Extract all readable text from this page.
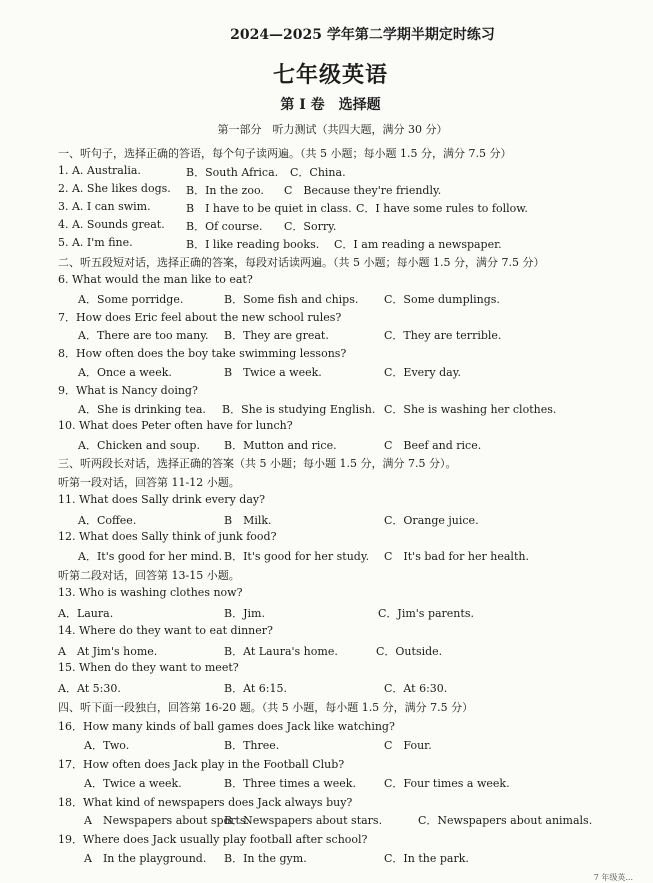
2024—2025 学年第二学期半期定时练习
七年级英语
第 I 卷　选择题
第一部分　听力测试（共四大题，满分 30 分）
一、听句子，选择正确的答语，每个句子读两遍。（共 5 小题；每小题 1.5 分，满分 7.5 分）
1. A. Australia.	B．South Africa. C．China.
2. A. She likes dogs. B．In the zoo. C　Because they're friendly.
3. A. I can swim.	B　I have to be quiet in class. C．I have some rules to follow.
4. A. Sounds great. B．Of course. C．Sorry.
5. A. I'm fine.	B．I like reading books. C．I am reading a newspaper.
二、听五段短对话，选择正确的答案，每段对话读两遍。（共 5 小题；每小题 1.5 分，满分 7.5 分）
6. What would the man like to eat?
A．Some porridge.	B．Some fish and chips. C．Some dumplings.
7．How does Eric feel about the new school rules?
A．There are too many. B．They are great.	C．They are terrible.
8．How often does the boy take swimming lessons?
A．Once a week.	B　Twice a week.	C．Every day.
9．What is Nancy doing?
A．She is drinking tea. B．She is studying English. C．She is washing her clothes.
10. What does Peter often have for lunch?
A．Chicken and soup. B．Mutton and rice.	C　Beef and rice.
三、听两段长对话，选择正确的答案（共 5 小题；每小题 1.5 分，满分 7.5 分）。
听第一段对话，回答第 11-12 小题。
11. What does Sally drink every day?
A．Coffee.	B　Milk.	C．Orange juice.
12. What does Sally think of junk food?
A．It's good for her mind. B．It's good for her study. C　It's bad for her health.
听第二段对话，回答第 13-15 小题。
13. Who is washing clothes now?
A．Laura.	B．Jim.	C．Jim's parents.
14. Where do they want to eat dinner?
A　At Jim's home.	B．At Laura's home.	C．Outside.
15. When do they want to meet?
A．At 5:30.	B．At 6:15.	C．At 6:30.
四、听下面一段独白，回答第 16-20 题。（共 5 小题，每小题 1.5 分，满分 7.5 分）
16．How many kinds of ball games does Jack like watching?
A．Two.	B．Three.	C　Four.
17．How often does Jack play in the Football Club?
A．Twice a week.	B．Three times a week.	C．Four times a week.
18．What kind of newspapers does Jack always buy?
A　Newspapers about sports.
B．Newspapers about stars.	C．Newspapers about animals.
19．Where does Jack usually play football after school?
A　In the playground. B．In the gym.	C．In the park.
7 年级英...
